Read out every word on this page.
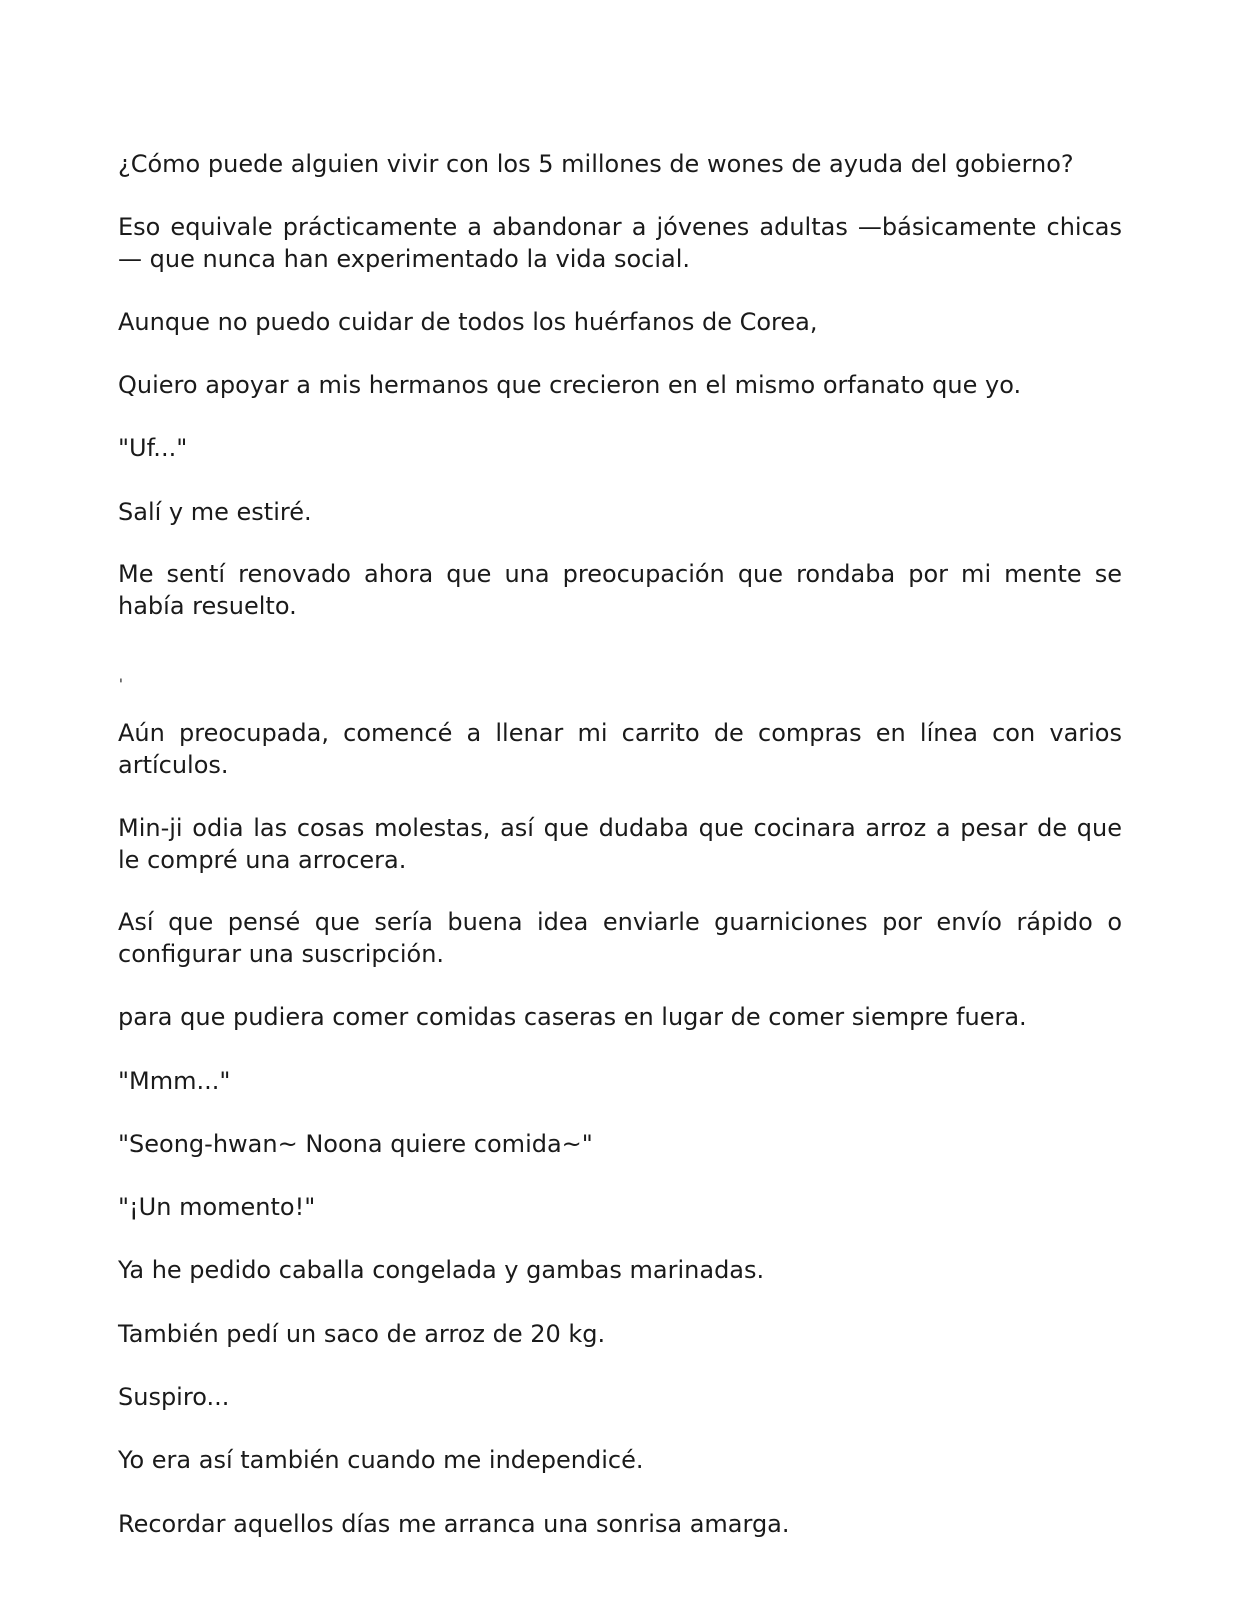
¿Cómo puede alguien vivir con los 5 millones de wones de ayuda del gobierno?

Eso equivale prácticamente a abandonar a jóvenes adultas —básicamente chicas— que nunca han experimentado la vida social.

Aunque no puedo cuidar de todos los huérfanos de Corea,

Quiero apoyar a mis hermanos que crecieron en el mismo orfanato que yo.

"Uf..."

Salí y me estiré.

Me sentí renovado ahora que una preocupación que rondaba por mi mente se había resuelto.

'

Aún preocupada, comencé a llenar mi carrito de compras en línea con varios artículos.

Min-ji odia las cosas molestas, así que dudaba que cocinara arroz a pesar de que le compré una arrocera.

Así que pensé que sería buena idea enviarle guarniciones por envío rápido o configurar una suscripción.

para que pudiera comer comidas caseras en lugar de comer siempre fuera.

"Mmm..."

"Seong-hwan~ Noona quiere comida~"

"¡Un momento!"

Ya he pedido caballa congelada y gambas marinadas.

También pedí un saco de arroz de 20 kg.

Suspiro...

Yo era así también cuando me independicé.

Recordar aquellos días me arranca una sonrisa amarga.
